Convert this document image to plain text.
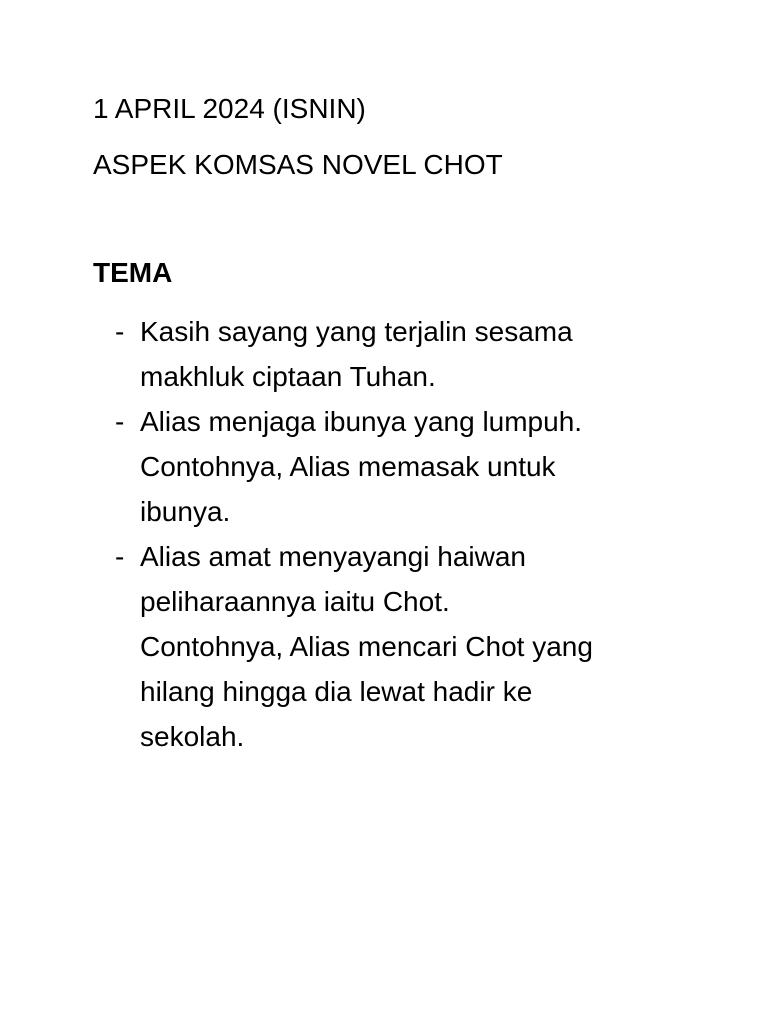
1 APRIL 2024 (ISNIN)
ASPEK KOMSAS NOVEL CHOT
TEMA
- Kasih sayang yang terjalin sesama
makhluk ciptaan Tuhan.
- Alias menjaga ibunya yang lumpuh.
Contohnya, Alias memasak untuk
ibunya.
- Alias amat menyayangi haiwan
peliharaannya iaitu Chot.
Contohnya, Alias mencari Chot yang
hilang hingga dia lewat hadir ke
sekolah.
